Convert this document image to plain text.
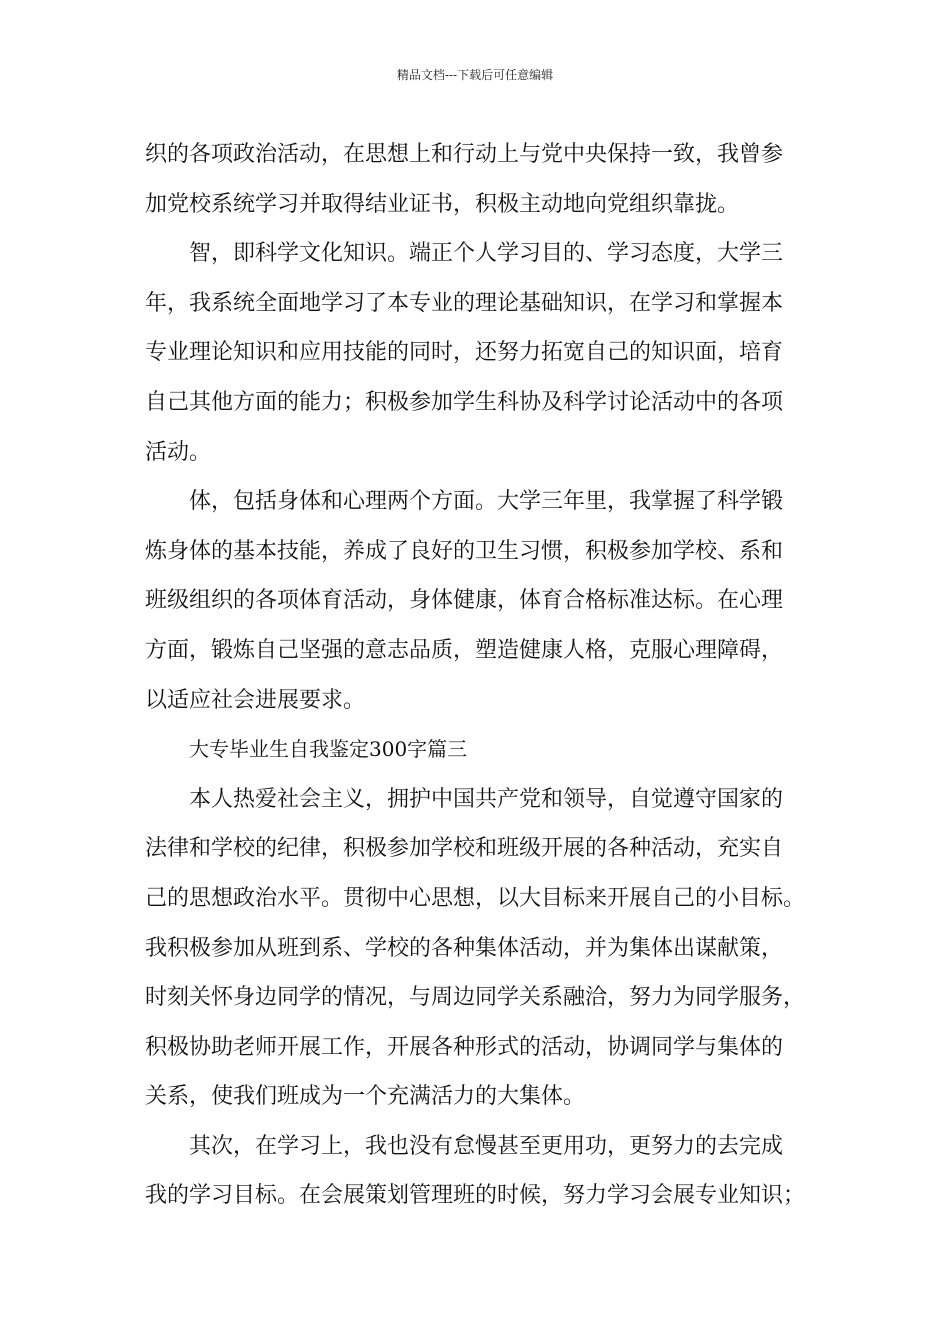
精品文档---下载后可任意编辑
织的各项政治活动，在思想上和行动上与党中央保持一致，我曾参
加党校系统学习并取得结业证书，积极主动地向党组织靠拢。
智，即科学文化知识。端正个人学习目的、学习态度，大学三
年，我系统全面地学习了本专业的理论基础知识，在学习和掌握本
专业理论知识和应用技能的同时，还努力拓宽自己的知识面，培育
自己其他方面的能力；积极参加学生科协及科学讨论活动中的各项
活动。
体，包括身体和心理两个方面。大学三年里，我掌握了科学锻
炼身体的基本技能，养成了良好的卫生习惯，积极参加学校、系和
班级组织的各项体育活动，身体健康，体育合格标准达标。在心理
方面，锻炼自己坚强的意志品质，塑造健康人格，克服心理障碍，
以适应社会进展要求。
大专毕业生自我鉴定300字篇三
本人热爱社会主义，拥护中国共产党和领导，自觉遵守国家的
法律和学校的纪律，积极参加学校和班级开展的各种活动，充实自
己的思想政治水平。贯彻中心思想，以大目标来开展自己的小目标。
我积极参加从班到系、学校的各种集体活动，并为集体出谋献策，
时刻关怀身边同学的情况，与周边同学关系融洽，努力为同学服务，
积极协助老师开展工作，开展各种形式的活动，协调同学与集体的
关系，使我们班成为一个充满活力的大集体。
其次，在学习上，我也没有怠慢甚至更用功，更努力的去完成
我的学习目标。在会展策划管理班的时候，努力学习会展专业知识；
